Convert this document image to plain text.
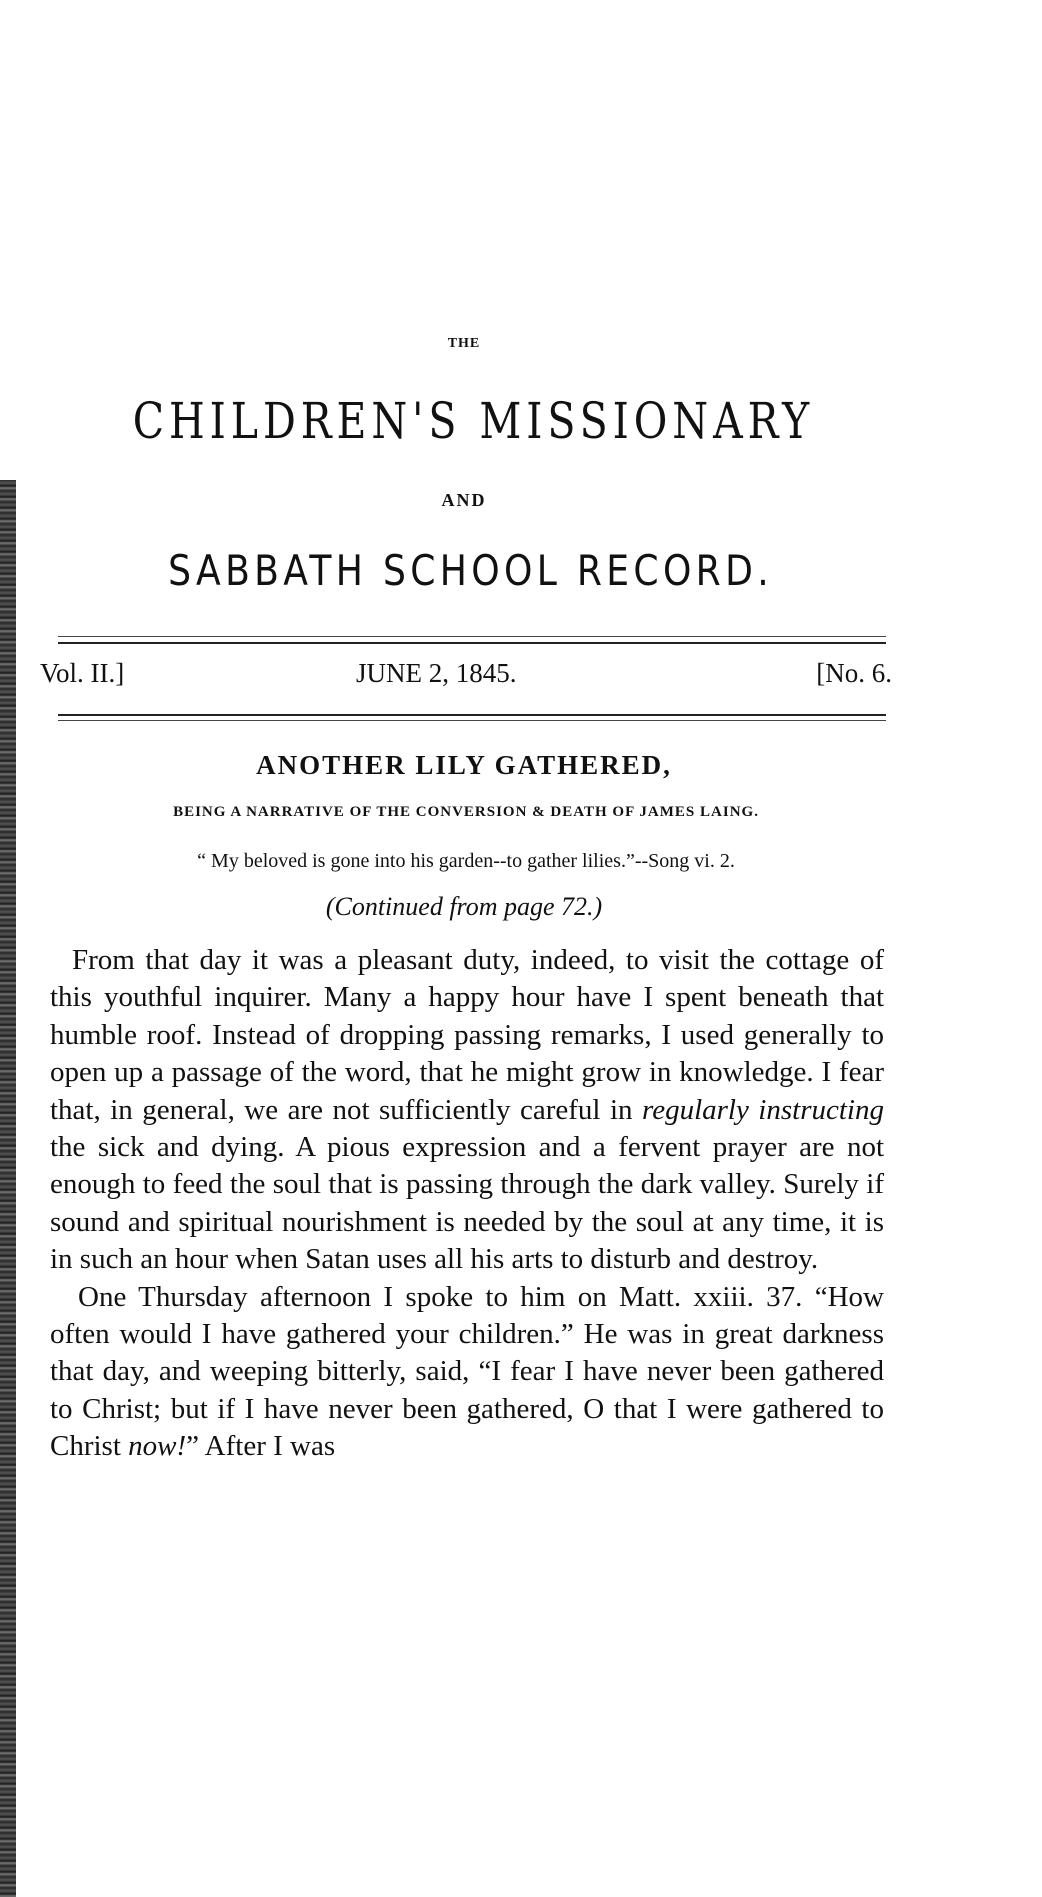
THE
CHILDREN'S MISSIONARY
AND
SABBATH SCHOOL RECORD.
Vol. II.]	JUNE 2, 1845.	[No. 6.
ANOTHER LILY GATHERED,
BEING A NARRATIVE OF THE CONVERSION & DEATH OF JAMES LAING.
“ My beloved is gone into his garden--to gather lilies.”--Song vi. 2.
(Continued from page 72.)

From that day it was a pleasant duty, indeed, to visit the cottage of this youthful inquirer. Many a happy hour have I spent beneath that humble roof. Instead of dropping passing remarks, I used generally to open up a passage of the word, that he might grow in knowledge. I fear that, in general, we are not sufficiently careful in regularly instructing the sick and dying. A pious expression and a fervent prayer are not enough to feed the soul that is passing through the dark valley. Surely if sound and spiritual nourishment is needed by the soul at any time, it is in such an hour when Satan uses all his arts to disturb and destroy.

One Thursday afternoon I spoke to him on Matt. xxiii. 37. “How often would I have gathered your children.” He was in great darkness that day, and weeping bitterly, said, “I fear I have never been gathered to Christ; but if I have never been gathered, O that I were gathered to Christ now!” After I was
